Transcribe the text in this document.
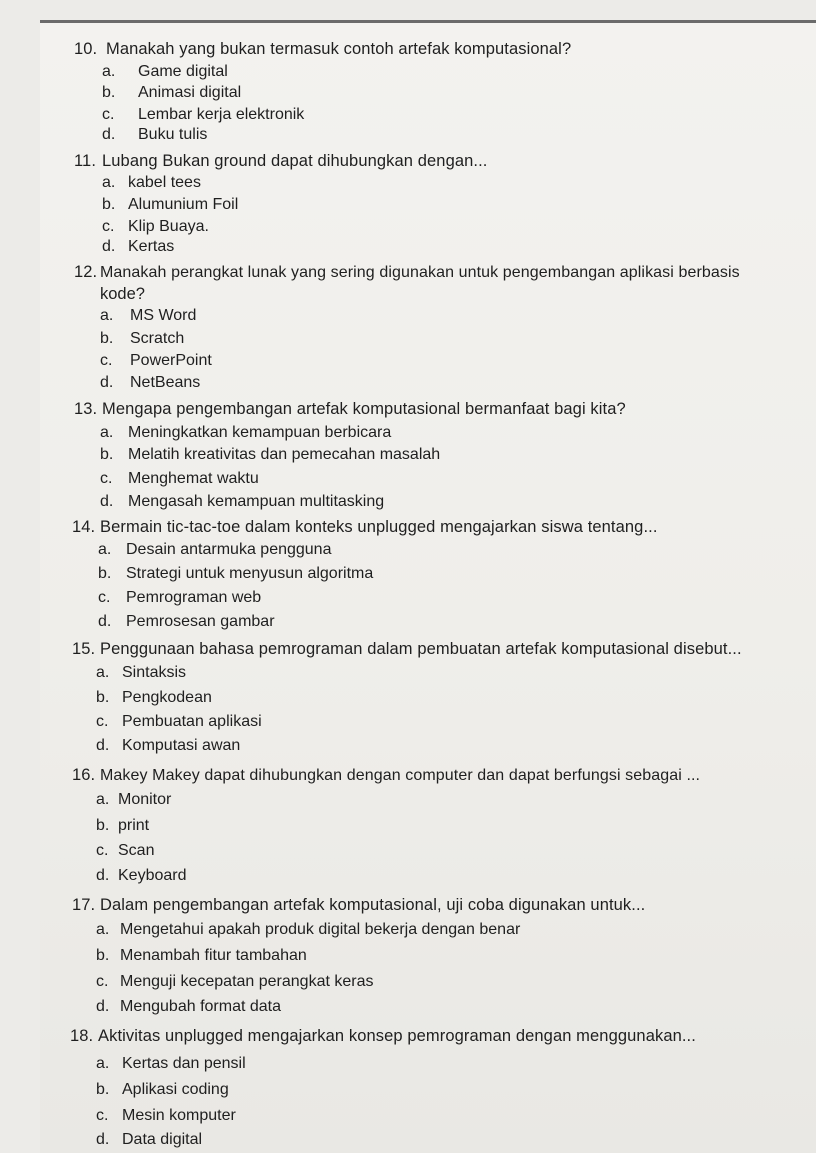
10. Manakah yang bukan termasuk contoh artefak komputasional?
a. Game digital
b. Animasi digital
c. Lembar kerja elektronik
d. Buku tulis
11. Lubang Bukan ground dapat dihubungkan dengan...
a. kabel tees
b. Alumunium Foil
c. Klip Buaya.
d. Kertas
12. Manakah perangkat lunak yang sering digunakan untuk pengembangan aplikasi berbasis
kode?
a. MS Word
b. Scratch
c. PowerPoint
d. NetBeans
13. Mengapa pengembangan artefak komputasional bermanfaat bagi kita?
a. Meningkatkan kemampuan berbicara
b. Melatih kreativitas dan pemecahan masalah
c. Menghemat waktu
d. Mengasah kemampuan multitasking
14. Bermain tic-tac-toe dalam konteks unplugged mengajarkan siswa tentang...
a. Desain antarmuka pengguna
b. Strategi untuk menyusun algoritma
c. Pemrograman web
d. Pemrosesan gambar
15. Penggunaan bahasa pemrograman dalam pembuatan artefak komputasional disebut...
a. Sintaksis
b. Pengkodean
c. Pembuatan aplikasi
d. Komputasi awan
16. Makey Makey dapat dihubungkan dengan computer dan dapat berfungsi sebagai ...
a. Monitor
b. print
c. Scan
d. Keyboard
17. Dalam pengembangan artefak komputasional, uji coba digunakan untuk...
a. Mengetahui apakah produk digital bekerja dengan benar
b. Menambah fitur tambahan
c. Menguji kecepatan perangkat keras
d. Mengubah format data
18. Aktivitas unplugged mengajarkan konsep pemrograman dengan menggunakan...
a. Kertas dan pensil
b. Aplikasi coding
c. Mesin komputer
d. Data digital
